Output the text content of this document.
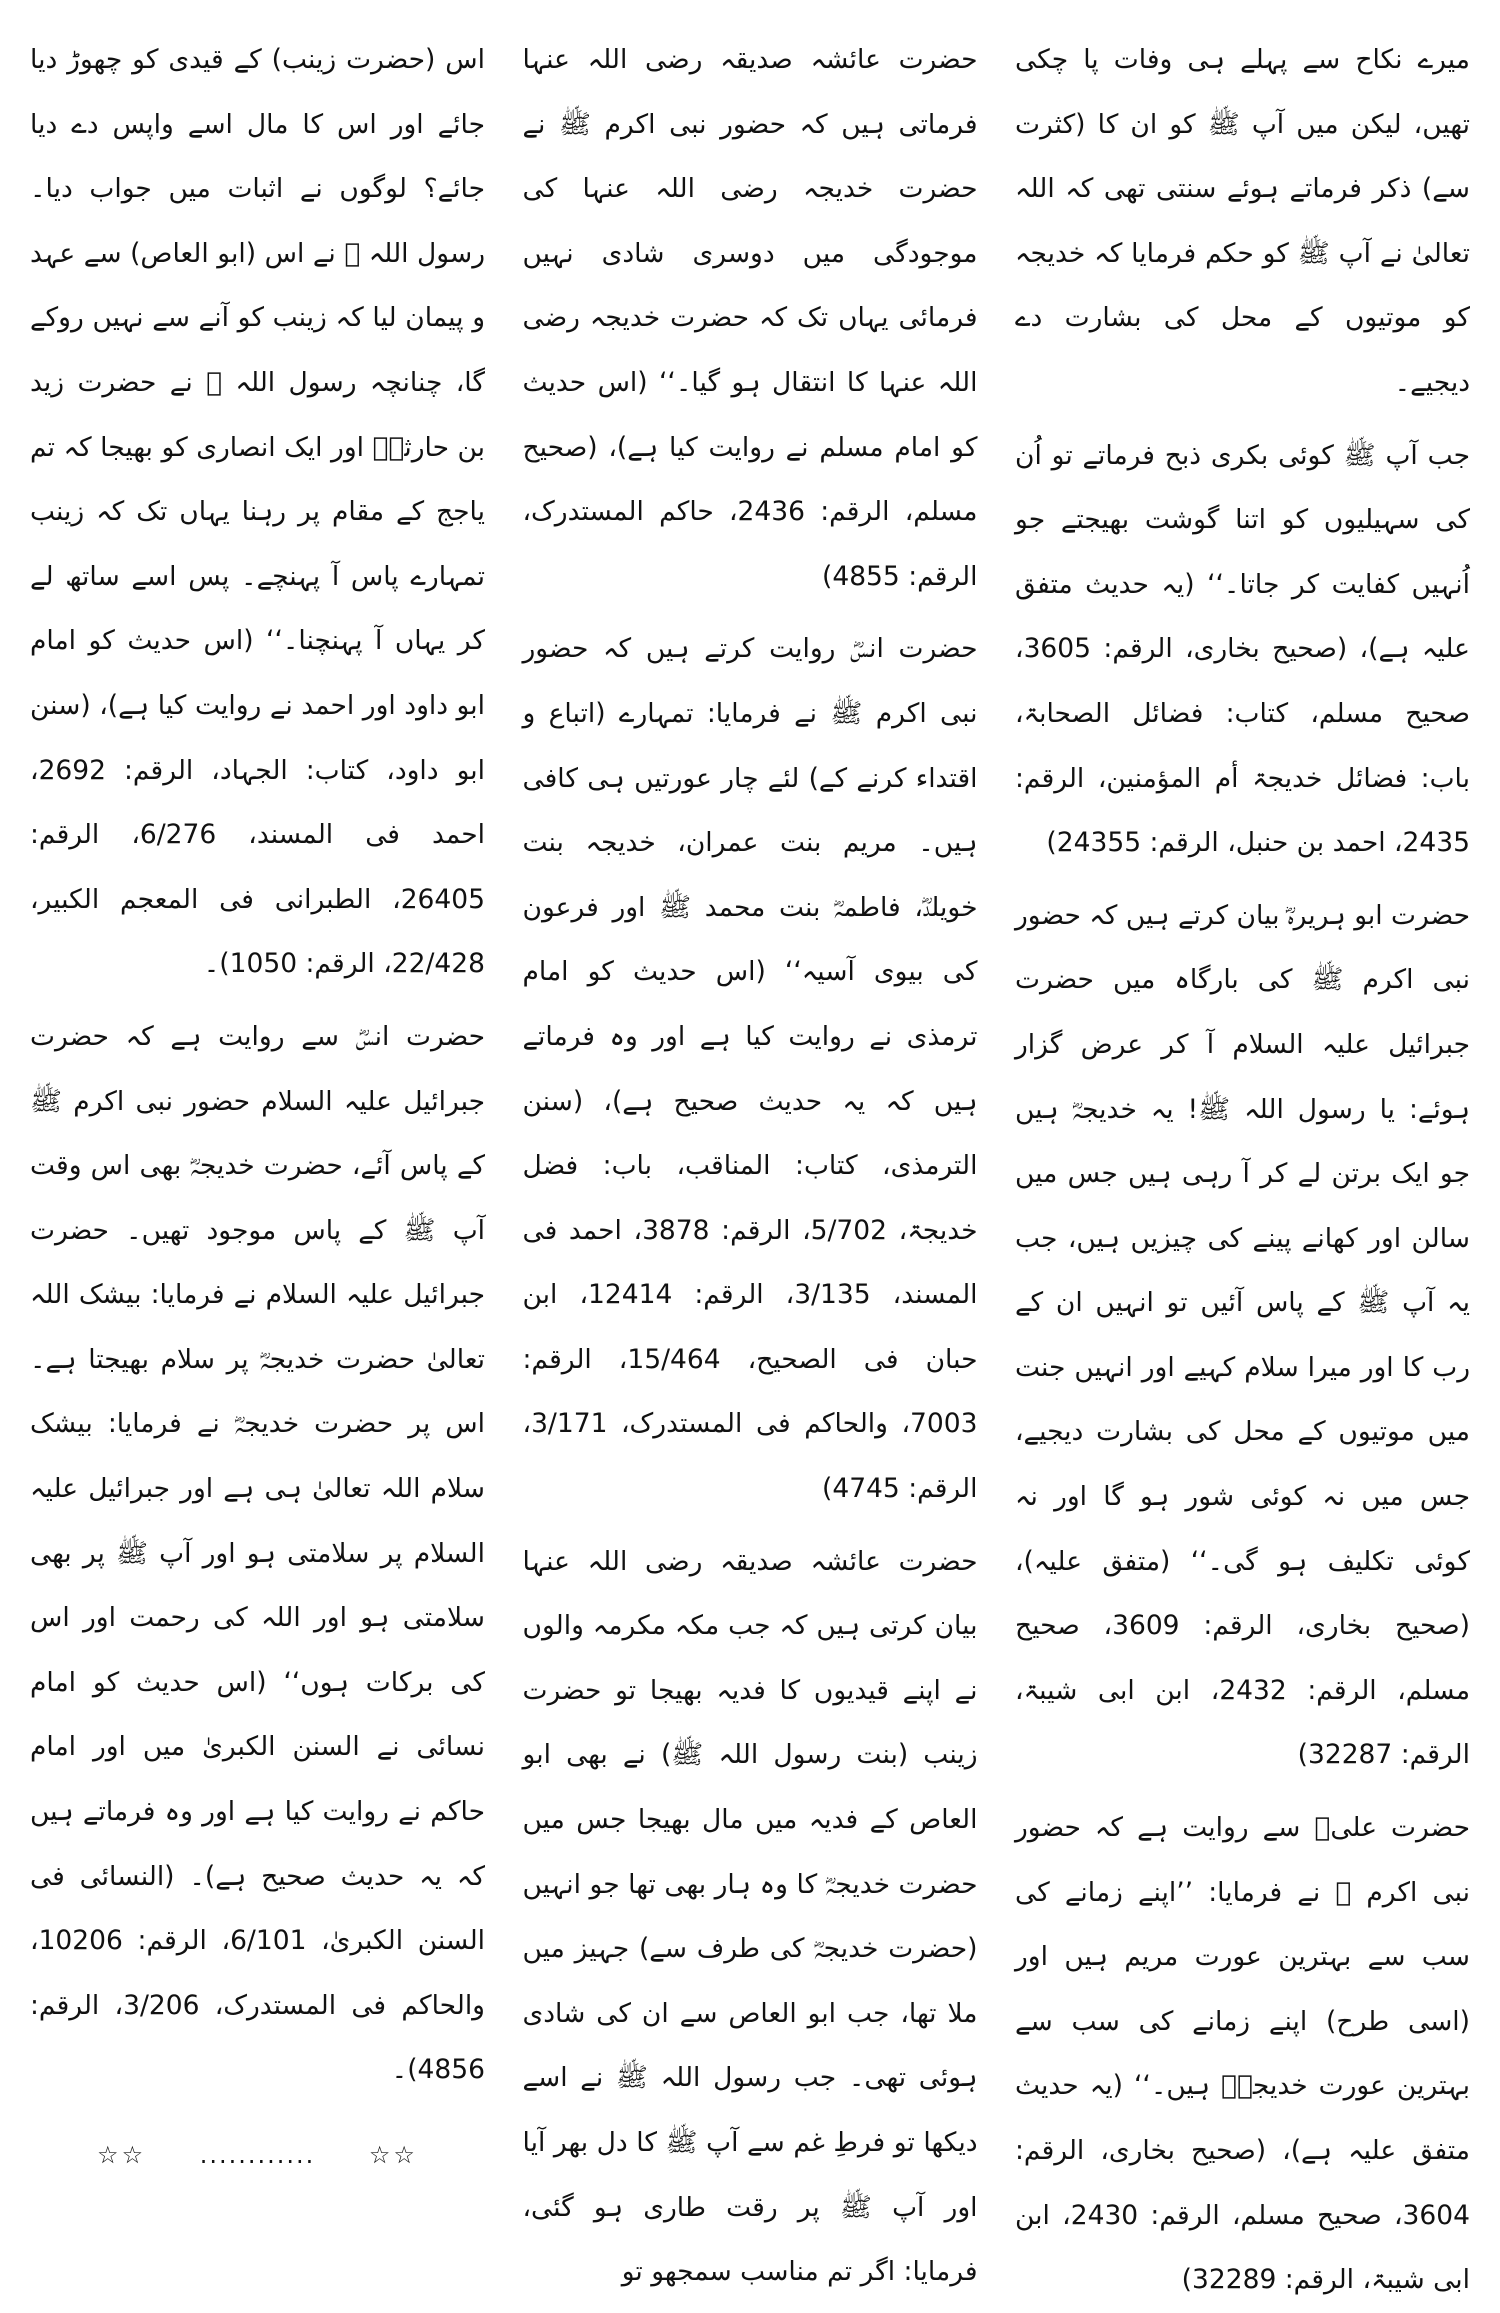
میرے نکاح سے پہلے ہی وفات پا چکی تھیں، لیکن میں آپ ﷺ کو ان کا (کثرت سے) ذکر فرماتے ہوئے سنتی تھی کہ اللہ تعالیٰ نے آپ ﷺ کو حکم فرمایا کہ خدیجہ کو موتیوں کے محل کی بشارت دے دیجیے۔

جب آپ ﷺ کوئی بکری ذبح فرماتے تو اُن کی سہیلیوں کو اتنا گوشت بھیجتے جو اُنہیں کفایت کر جاتا۔‘‘ (یہ حدیث متفق علیہ ہے)، (صحیح بخاری، الرقم: 3605، صحیح مسلم، کتاب: فضائل الصحابۃ، باب: فضائل خدیجۃ أم المؤمنین، الرقم: 2435، احمد بن حنبل، الرقم: 24355)

حضرت ابو ہریرہؓ بیان کرتے ہیں کہ حضور نبی اکرم ﷺ کی بارگاہ میں حضرت جبرائیل علیہ السلام آ کر عرض گزار ہوئے: یا رسول اللہ ﷺ! یہ خدیجہؓ ہیں جو ایک برتن لے کر آ رہی ہیں جس میں سالن اور کھانے پینے کی چیزیں ہیں، جب یہ آپ ﷺ کے پاس آئیں تو انہیں ان کے رب کا اور میرا سلام کہیے اور انہیں جنت میں موتیوں کے محل کی بشارت دیجیے، جس میں نہ کوئی شور ہو گا اور نہ کوئی تکلیف ہو گی۔‘‘ (متفق علیہ)، (صحیح بخاری، الرقم: 3609، صحیح مسلم، الرقم: 2432، ابن ابی شیبۃ، الرقم: 32287)

حضرت علیؓ سے روایت ہے کہ حضور نبی اکرم ﷺ نے فرمایا: ’’اپنے زمانے کی سب سے بہترین عورت مریم ہیں اور (اسی طرح) اپنے زمانے کی سب سے بہترین عورت خدیجہؓ ہیں۔‘‘ (یہ حدیث متفق علیہ ہے)، (صحیح بخاری، الرقم: 3604، صحیح مسلم، الرقم: 2430، ابن ابی شیبۃ، الرقم: 32289)

حضرت عائشہ صدیقہ رضی اللہ عنہا فرماتی ہیں کہ حضور نبی اکرم ﷺ نے حضرت خدیجہ رضی اللہ عنہا کی موجودگی میں دوسری شادی نہیں فرمائی یہاں تک کہ حضرت خدیجہ رضی اللہ عنہا کا انتقال ہو گیا۔‘‘ (اس حدیث کو امام مسلم نے روایت کیا ہے)، (صحیح مسلم، الرقم: 2436، حاکم المستدرک، الرقم: 4855)

حضرت انسؓ روایت کرتے ہیں کہ حضور نبی اکرم ﷺ نے فرمایا: تمہارے (اتباع و اقتداء کرنے کے) لئے چار عورتیں ہی کافی ہیں۔ مریم بنت عمران، خدیجہ بنت خویلدؓ، فاطمہؓ بنت محمد ﷺ اور فرعون کی بیوی آسیہ‘‘ (اس حدیث کو امام ترمذی نے روایت کیا ہے اور وہ فرماتے ہیں کہ یہ حدیث صحیح ہے)، (سنن الترمذی، کتاب: المناقب، باب: فضل خدیجۃ، 5/702، الرقم: 3878، احمد فی المسند، 3/135، الرقم: 12414، ابن حبان فی الصحیح، 15/464، الرقم: 7003، والحاکم فی المستدرک، 3/171، الرقم: 4745)

حضرت عائشہ صدیقہ رضی اللہ عنہا بیان کرتی ہیں کہ جب مکہ مکرمہ والوں نے اپنے قیدیوں کا فدیہ بھیجا تو حضرت زینب (بنت رسول اللہ ﷺ) نے بھی ابو العاص کے فدیہ میں مال بھیجا جس میں حضرت خدیجہؓ کا وہ ہار بھی تھا جو انہیں (حضرت خدیجہؓ کی طرف سے) جہیز میں ملا تھا، جب ابو العاص سے ان کی شادی ہوئی تھی۔ جب رسول اللہ ﷺ نے اسے دیکھا تو فرطِ غم سے آپ ﷺ کا دل بھر آیا اور آپ ﷺ پر رقت طاری ہو گئی، فرمایا: اگر تم مناسب سمجھو تو

اس (حضرت زینب) کے قیدی کو چھوڑ دیا جائے اور اس کا مال اسے واپس دے دیا جائے؟ لوگوں نے اثبات میں جواب دیا۔ رسول اللہ ﷺ نے اس (ابو العاص) سے عہد و پیمان لیا کہ زینب کو آنے سے نہیں روکے گا، چنانچہ رسول اللہ ﷺ نے حضرت زید بن حارثہؓ اور ایک انصاری کو بھیجا کہ تم یاجج کے مقام پر رہنا یہاں تک کہ زینب تمہارے پاس آ پہنچے۔ پس اسے ساتھ لے کر یہاں آ پہنچنا۔‘‘ (اس حدیث کو امام ابو داود اور احمد نے روایت کیا ہے)، (سنن ابو داود، کتاب: الجہاد، الرقم: 2692، احمد فی المسند، 6/276، الرقم: 26405، الطبرانی فی المعجم الکبیر، 22/428، الرقم: 1050)۔

حضرت انسؓ سے روایت ہے کہ حضرت جبرائیل علیہ السلام حضور نبی اکرم ﷺ کے پاس آئے، حضرت خدیجہؓ بھی اس وقت آپ ﷺ کے پاس موجود تھیں۔ حضرت جبرائیل علیہ السلام نے فرمایا: بیشک اللہ تعالیٰ حضرت خدیجہؓ پر سلام بھیجتا ہے۔ اس پر حضرت خدیجہؓ نے فرمایا: بیشک سلام اللہ تعالیٰ ہی ہے اور جبرائیل علیہ السلام پر سلامتی ہو اور آپ ﷺ پر بھی سلامتی ہو اور اللہ کی رحمت اور اس کی برکات ہوں‘‘ (اس حدیث کو امام نسائی نے السنن الکبریٰ میں اور امام حاکم نے روایت کیا ہے اور وہ فرماتے ہیں کہ یہ حدیث صحیح ہے)۔ (النسائی فی السنن الکبریٰ، 6/101، الرقم: 10206، والحاکم فی المستدرک، 3/206، الرقم: 4856)۔

☆☆ ............ ☆☆
